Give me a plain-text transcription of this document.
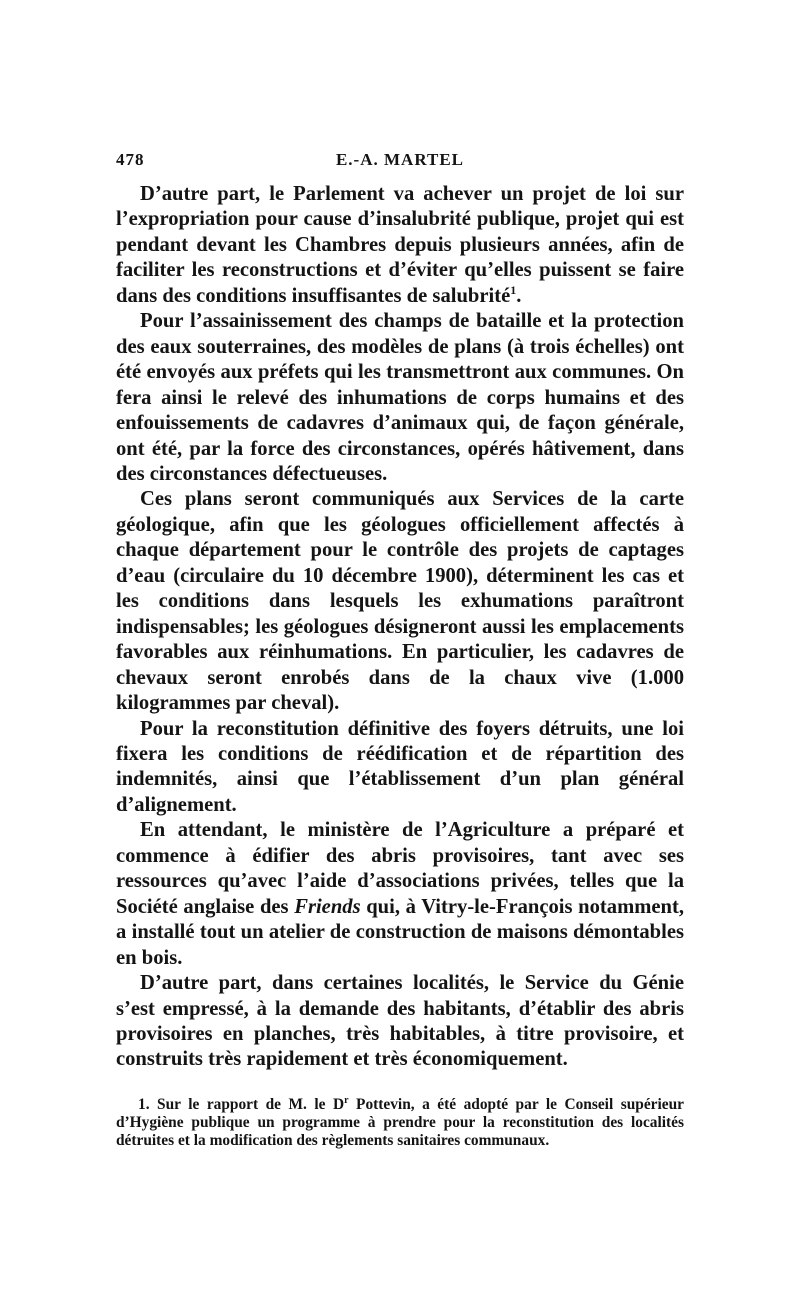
478	E.-A. MARTEL

D’autre part, le Parlement va achever un projet de loi sur l’expropriation pour cause d’insalubrité publique, projet qui est pendant devant les Chambres depuis plusieurs années, afin de faciliter les reconstructions et d’éviter qu’elles puissent se faire dans des conditions insuffisantes de salubrité$^1$.

Pour l’assainissement des champs de bataille et la protection des eaux souterraines, des modèles de plans (à trois échelles) ont été envoyés aux préfets qui les transmettront aux communes. On fera ainsi le relevé des inhumations de corps humains et des enfouissements de cadavres d’animaux qui, de façon générale, ont été, par la force des circonstances, opérés hâtivement, dans des circonstances défectueuses.

Ces plans seront communiqués aux Services de la carte géologique, afin que les géologues officiellement affectés à chaque département pour le contrôle des projets de captages d’eau (circulaire du 10 décembre 1900), déterminent les cas et les conditions dans lesquels les exhumations paraîtront indispensables; les géologues désigneront aussi les emplacements favorables aux réinhumations. En particulier, les cadavres de chevaux seront enrobés dans de la chaux vive (1.000 kilogrammes par cheval).

Pour la reconstitution définitive des foyers détruits, une loi fixera les conditions de réédification et de répartition des indemnités, ainsi que l’établissement d’un plan général d’alignement.

En attendant, le ministère de l’Agriculture a préparé et commence à édifier des abris provisoires, tant avec ses ressources qu’avec l’aide d’associations privées, telles que la Société anglaise des Friends qui, à Vitry-le-François notamment, a installé tout un atelier de construction de maisons démontables en bois.

D’autre part, dans certaines localités, le Service du Génie s’est empressé, à la demande des habitants, d’établir des abris provisoires en planches, très habitables, à titre provisoire, et construits très rapidement et très économiquement.

1. Sur le rapport de M. le $D^r$ Pottevin, a été adopté par le Conseil supérieur d’Hygiène publique un programme à prendre pour la reconstitution des localités détruites et la modification des règlements sanitaires communaux.
